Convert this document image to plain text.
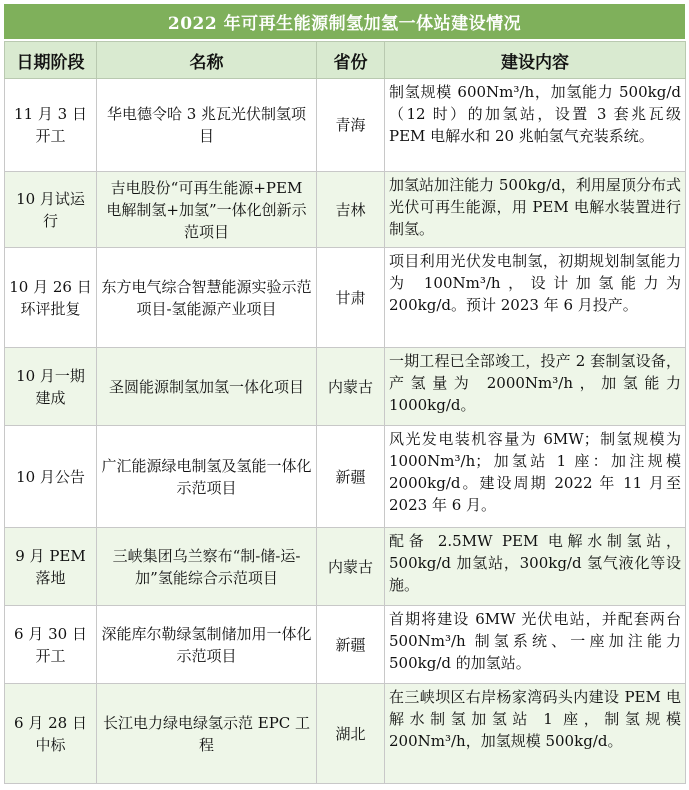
2022 年可再生能源制氢加氢一体站建设情况
日期阶段	名称	省份	建设内容
11 月 3 日开工	华电德令哈 3 兆瓦光伏制氢项目	青海	制氢规模 600Nm³/h，加氢能力 500kg/d（12 时）的加氢站，设置 3 套兆瓦级 PEM 电解水和 20 兆帕氢气充装系统。
10 月试运行	吉电股份“可再生能源+PEM 电解制氢+加氢”一体化创新示范项目	吉林	加氢站加注能力 500kg/d，利用屋顶分布式光伏可再生能源，用 PEM 电解水装置进行制氢。
10 月 26 日环评批复	东方电气综合智慧能源实验示范项目-氢能源产业项目	甘肃	项目利用光伏发电制氢，初期规划制氢能力为 100Nm³/h，设计加氢能力为 200kg/d。预计 2023 年 6 月投产。
10 月一期建成	圣圆能源制氢加氢一体化项目	内蒙古	一期工程已全部竣工，投产 2 套制氢设备，产氢量为 2000Nm³/h，加氢能力 1000kg/d。
10 月公告	广汇能源绿电制氢及氢能一体化示范项目	新疆	风光发电装机容量为 6MW；制氢规模为 1000Nm³/h；加氢站 1 座：加注规模 2000kg/d。建设周期 2022 年 11 月至 2023 年 6 月。
9 月 PEM 落地	三峡集团乌兰察布“制-储-运-加”氢能综合示范项目	内蒙古	配备 2.5MW PEM 电解水制氢站，500kg/d 加氢站，300kg/d 氢气液化等设施。
6 月 30 日开工	深能库尔勒绿氢制储加用一体化示范项目	新疆	首期将建设 6MW 光伏电站，并配套两台 500Nm³/h 制氢系统、一座加注能力 500kg/d 的加氢站。
6 月 28 日中标	长江电力绿电绿氢示范 EPC 工程	湖北	在三峡坝区右岸杨家湾码头内建设 PEM 电解水制氢加氢站 1 座，制氢规模 200Nm³/h，加氢规模 500kg/d。
